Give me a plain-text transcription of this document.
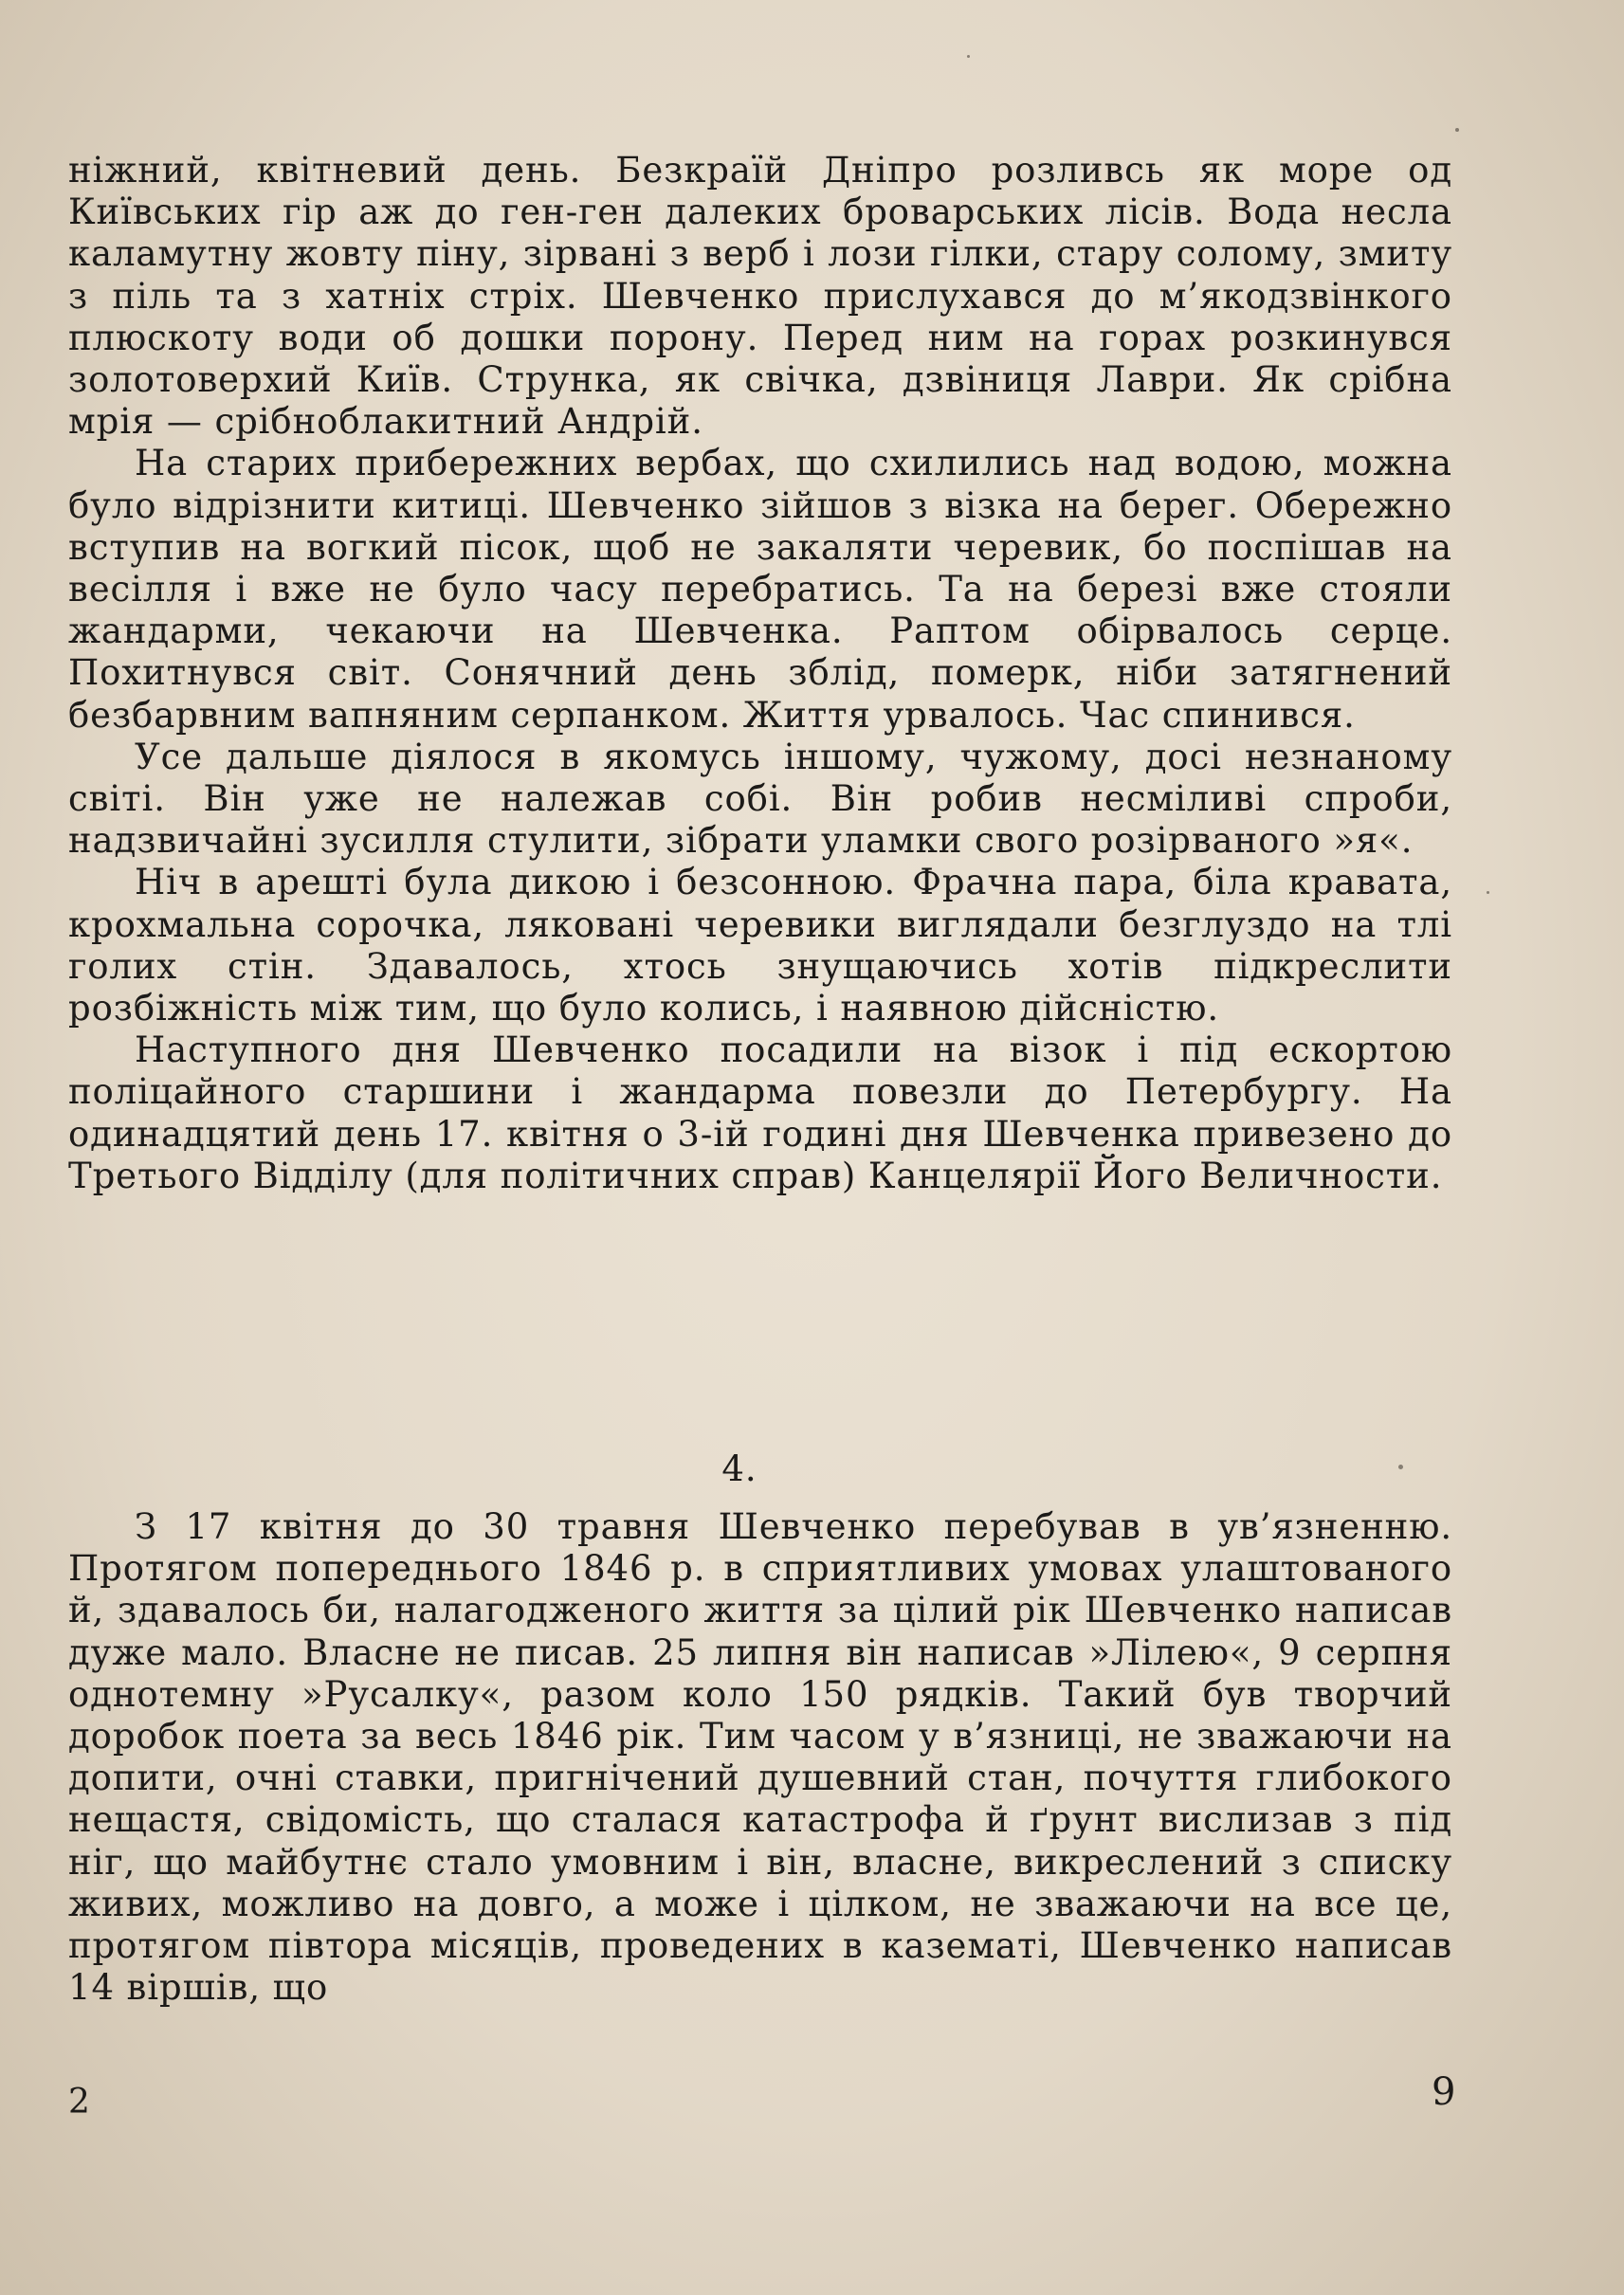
ніжний, квітневий день. Безкраїй Дніпро розливсь як море од Київських гір аж до ген-ген далеких броварських лісів. Вода несла каламутну жовту піну, зірвані з верб і лози гілки, стару солому, змиту з піль та з хатніх стріх. Шевченко прислухався до м’якодзвінкого плюскоту води об дошки порону. Перед ним на горах розкинувся золотоверхий Київ. Струнка, як свічка, дзвіниця Лаври. Як срібна мрія — срібноблакитний Андрій.

На старих прибережних вербах, що схилились над водою, можна було відрізнити китиці. Шевченко зійшов з візка на берег. Обережно вступив на вогкий пісок, щоб не закаляти черевик, бо поспішав на весілля і вже не було часу перебратись. Та на березі вже стояли жандарми, чекаючи на Шевченка. Раптом обірвалось серце. Похитнувся світ. Сонячний день зблід, померк, ніби затягнений безбарвним вапняним серпанком. Життя урвалось. Час спинився.

Усе дальше діялося в якомусь іншому, чужому, досі незнаному світі. Він уже не належав собі. Він робив несміливі спроби, надзвичайні зусилля стулити, зібрати уламки свого розірваного »я«.

Ніч в арешті була дикою і безсонною. Фрачна пара, біла кравата, крохмальна сорочка, ляковані черевики виглядали безглуздо на тлі голих стін. Здавалось, хтось знущаючись хотів підкреслити розбіжність між тим, що було колись, і наявною дійсністю.

Наступного дня Шевченко посадили на візок і під ескортою поліцайного старшини і жандарма повезли до Петербургу. На одинадцятий день 17. квітня о 3-ій годині дня Шевченка привезено до Третього Відділу (для політичних справ) Канцелярії Його Величности.

4.

З 17 квітня до 30 травня Шевченко перебував в ув’язненню. Протягом попереднього 1846 р. в сприятливих умовах улаштованого й, здавалось би, налагодженого життя за цілий рік Шевченко написав дуже мало. Власне не писав. 25 липня він написав »Лілею«, 9 серпня однотемну »Русалку«, разом коло 150 рядків. Такий був творчий доробок поета за весь 1846 рік. Тим часом у в’язниці, не зважаючи на допити, очні ставки, пригнічений душевний стан, почуття глибокого нещастя, свідомість, що сталася катастрофа й ґрунт вислизав з під ніг, що майбутнє стало умовним і він, власне, викреслений з списку живих, можливо на довго, а може і цілком, не зважаючи на все це, протягом півтора місяців, проведених в казематі, Шевченко написав 14 віршів, що

2	9
